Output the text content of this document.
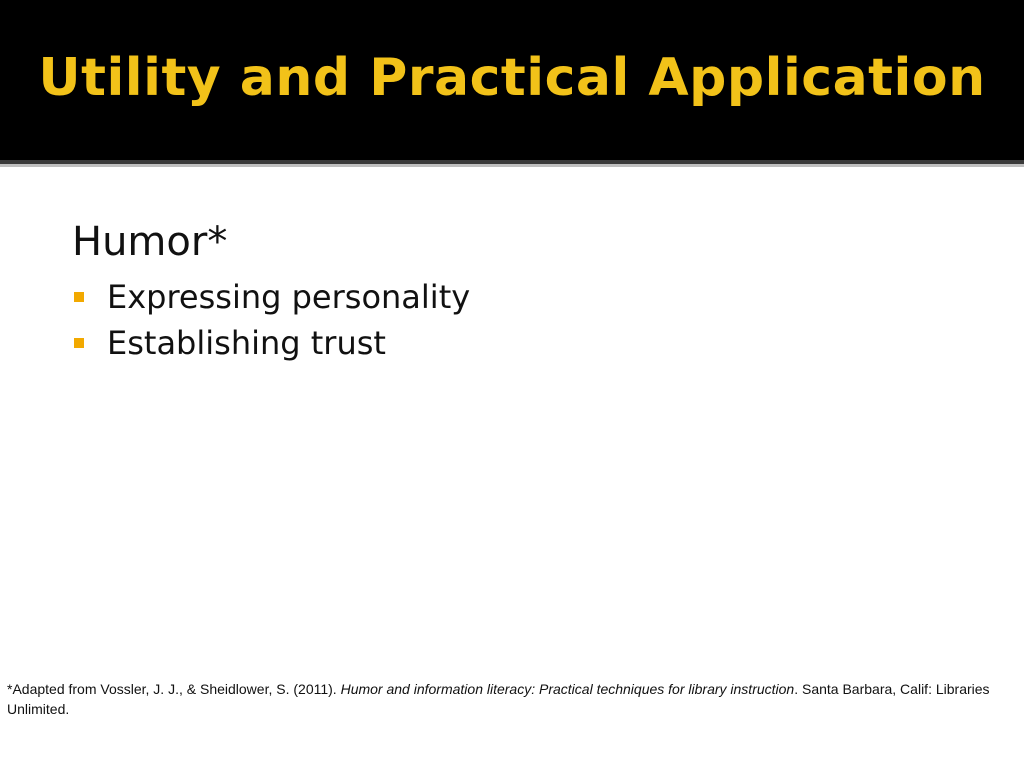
Utility and Practical Application
Humor*
Expressing personality
Establishing trust
*Adapted from Vossler, J. J., & Sheidlower, S. (2011). Humor and information literacy: Practical techniques for library instruction. Santa Barbara, Calif: Libraries Unlimited.
